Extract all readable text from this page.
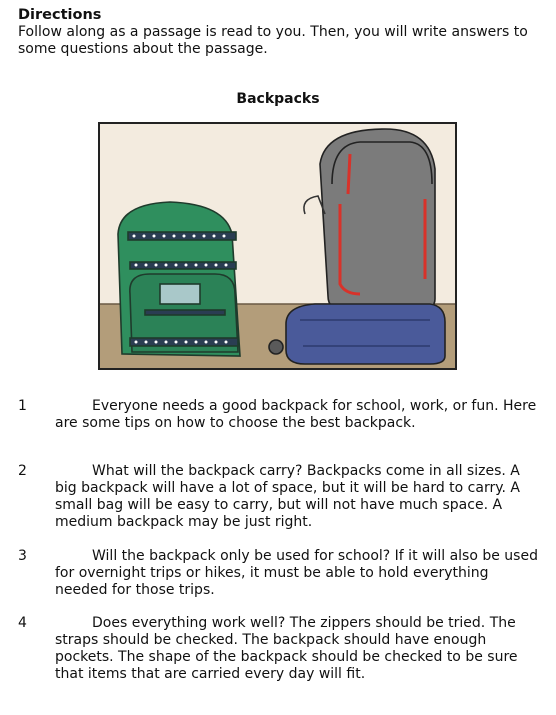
Directions

Follow along as a passage is read to you. Then, you will write answers to some questions about the passage.

Backpacks
1	Everyone needs a good backpack for school, work, or fun. Here are some tips on how to choose the best backpack.
2	What will the backpack carry? Backpacks come in all sizes. A big backpack will have a lot of space, but it will be hard to carry. A small bag will be easy to carry, but will not have much space. A medium backpack may be just right.
3	Will the backpack only be used for school? If it will also be used for overnight trips or hikes, it must be able to hold everything needed for those trips.
4	Does everything work well? The zippers should be tried. The straps should be checked. The backpack should have enough pockets. The shape of the backpack should be checked to be sure that items that are carried every day will fit.
